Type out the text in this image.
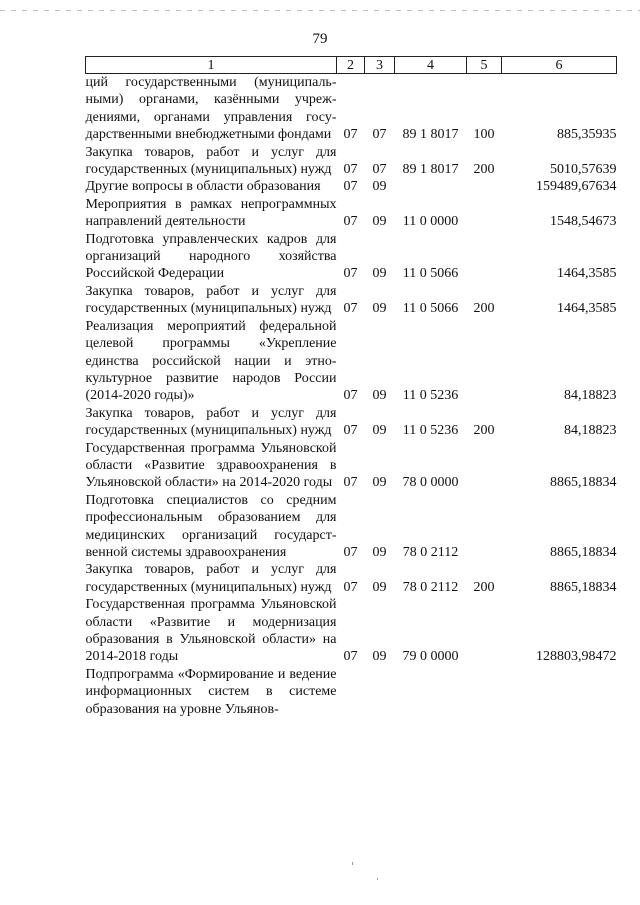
79
1	2	3	4	5	6
ций государственными (муниципальными) органами, казёнными учреждениями, органами управления государственными внебюджетными фондами	07	07	89 1 8017	100	885,35935
Закупка товаров, работ и услуг для государственных (муниципальных) нужд	07	07	89 1 8017	200	5010,57639
Другие вопросы в области образования	07	09			159489,67634
Мероприятия в рамках непрограммных направлений деятельности	07	09	11 0 0000		1548,54673
Подготовка управленческих кадров для организаций народного хозяйства Российской Федерации	07	09	11 0 5066		1464,3585
Закупка товаров, работ и услуг для государственных (муниципальных) нужд	07	09	11 0 5066	200	1464,3585
Реализация мероприятий федеральной целевой программы «Укрепление единства российской нации и этнокультурное развитие народов России (2014-2020 годы)»	07	09	11 0 5236		84,18823
Закупка товаров, работ и услуг для государственных (муниципальных) нужд	07	09	11 0 5236	200	84,18823
Государственная программа Ульяновской области «Развитие здравоохранения в Ульяновской области» на 2014-2020 годы	07	09	78 0 0000		8865,18834
Подготовка специалистов со средним профессиональным образованием для медицинских организаций государственной системы здравоохранения	07	09	78 0 2112		8865,18834
Закупка товаров, работ и услуг для государственных (муниципальных) нужд	07	09	78 0 2112	200	8865,18834
Государственная программа Ульяновской области «Развитие и модернизация образования в Ульяновской области» на 2014-2018 годы	07	09	79 0 0000		128803,98472
Подпрограмма «Формирование и ведение информационных систем в системе образования на уровне Ульянов-					
